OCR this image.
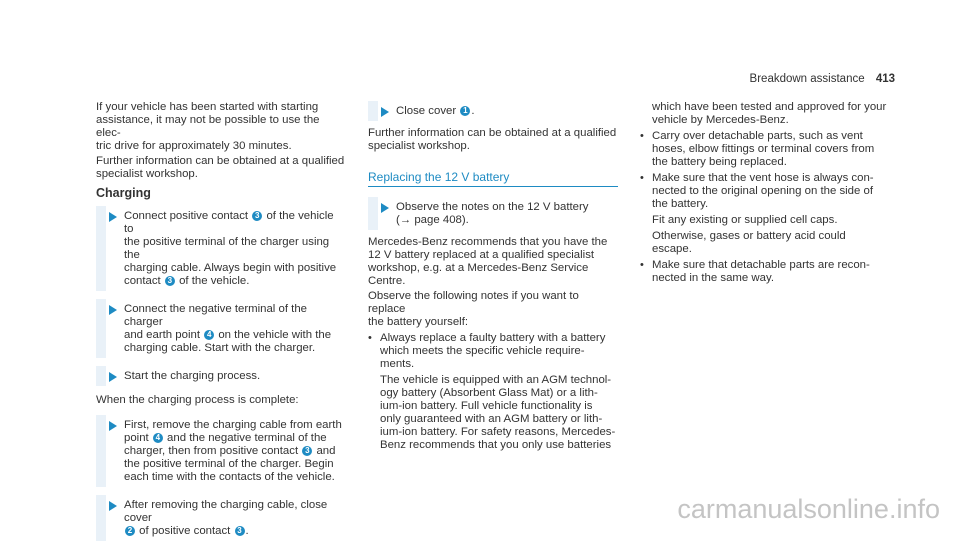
Breakdown assistance 413

If your vehicle has been started with starting
assistance, it may not be possible to use the elec-
tric drive for approximately 30 minutes.

Further information can be obtained at a qualified
specialist workshop.

Charging

Connect positive contact 3 of the vehicle to
the positive terminal of the charger using the
charging cable. Always begin with positive
contact 3 of the vehicle.
Connect the negative terminal of the charger
and earth point 4 on the vehicle with the
charging cable. Start with the charger.
Start the charging process.

When the charging process is complete:

First, remove the charging cable from earth
point 4 and the negative terminal of the
charger, then from positive contact 3 and
the positive terminal of the charger. Begin
each time with the contacts of the vehicle.
After removing the charging cable, close cover
2 of positive contact 3 .
Close cover 1 .

Further information can be obtained at a qualified
specialist workshop.

Replacing the 12 V battery
Observe the notes on the 12 V battery
(→ page 408).

Mercedes-Benz recommends that you have the
12 V battery replaced at a qualified specialist
workshop, e.g. at a Mercedes-Benz Service
Centre.

Observe the following notes if you want to replace
the battery yourself:

• Always replace a faulty battery with a battery
which meets the specific vehicle require-
ments.
The vehicle is equipped with an AGM technol-
ogy battery (Absorbent Glass Mat) or a lith-
ium-ion battery. Full vehicle functionality is
only guaranteed with an AGM battery or lith-
ium-ion battery. For safety reasons, Mercedes-
Benz recommends that you only use batteries
which have been tested and approved for your
vehicle by Mercedes-Benz.
• Carry over detachable parts, such as vent
hoses, elbow fittings or terminal covers from
the battery being replaced.
• Make sure that the vent hose is always con-
nected to the original opening on the side of
the battery.
Fit any existing or supplied cell caps.
Otherwise, gases or battery acid could
escape.
• Make sure that detachable parts are recon-
nected in the same way.
carmanualsonline.info
